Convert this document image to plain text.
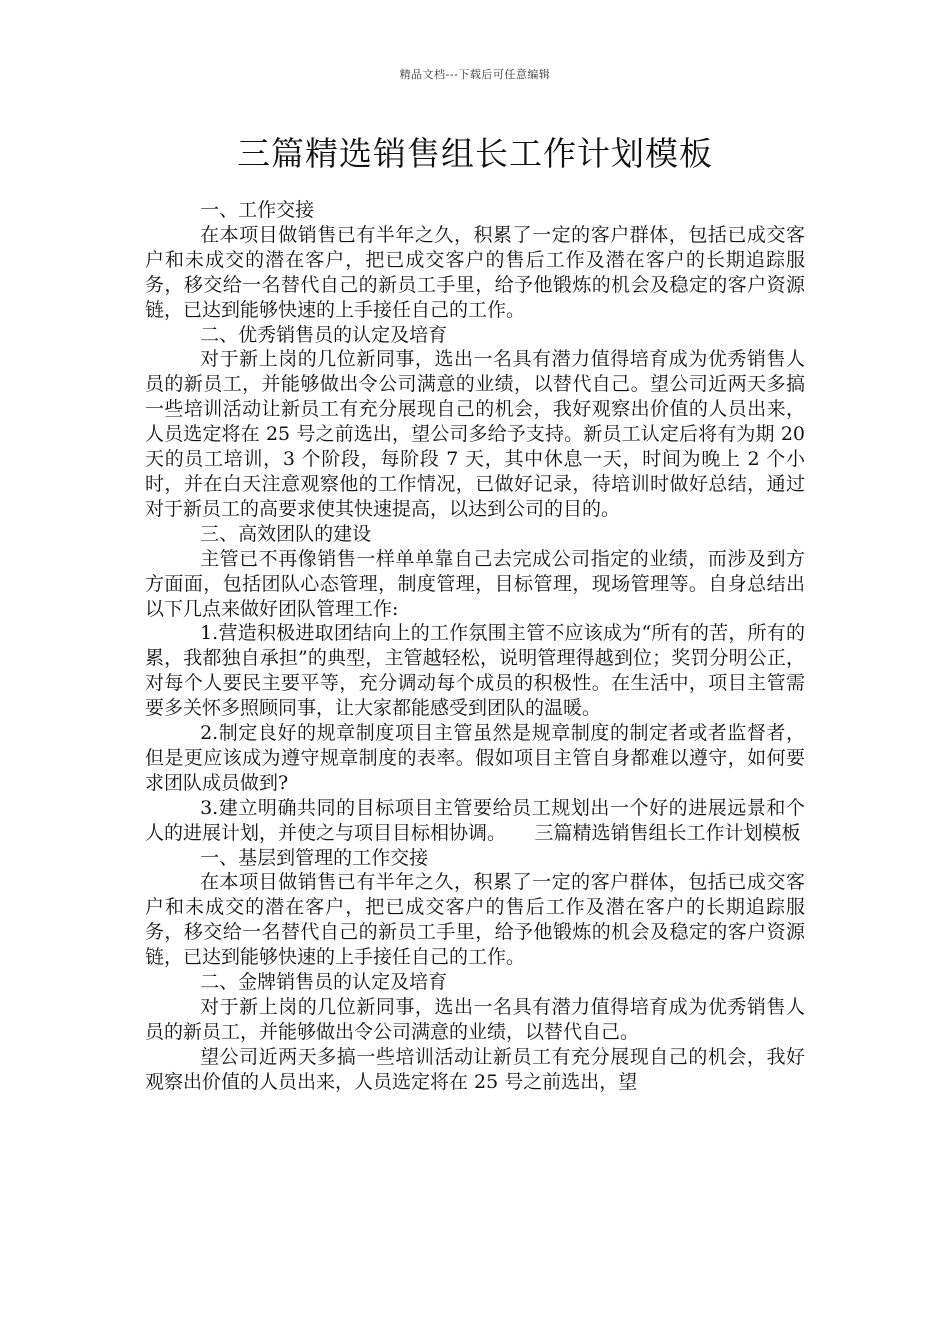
精品文档---下载后可任意编辑
三篇精选销售组长工作计划模板

一、工作交接

在本项目做销售已有半年之久，积累了一定的客户群体，包括已成交客户和未成交的潜在客户，把已成交客户的售后工作及潜在客户的长期追踪服务，移交给一名替代自己的新员工手里，给予他锻炼的机会及稳定的客户资源链，已达到能够快速的上手接任自己的工作。

二、优秀销售员的认定及培育

对于新上岗的几位新同事，选出一名具有潜力值得培育成为优秀销售人员的新员工，并能够做出令公司满意的业绩，以替代自己。望公司近两天多搞一些培训活动让新员工有充分展现自己的机会，我好观察出价值的人员出来，人员选定将在 25 号之前选出，望公司多给予支持。新员工认定后将有为期 20 天的员工培训，3 个阶段，每阶段 7 天，其中休息一天，时间为晚上 2 个小时，并在白天注意观察他的工作情况，已做好记录，待培训时做好总结，通过对于新员工的高要求使其快速提高，以达到公司的目的。

三、高效团队的建设

主管已不再像销售一样单单靠自己去完成公司指定的业绩，而涉及到方方面面，包括团队心态管理，制度管理，目标管理，现场管理等。自身总结出以下几点来做好团队管理工作:

1.营造积极进取团结向上的工作氛围主管不应该成为“所有的苦，所有的累，我都独自承担”的典型，主管越轻松，说明管理得越到位；奖罚分明公正，对每个人要民主要平等，充分调动每个成员的积极性。在生活中，项目主管需要多关怀多照顾同事，让大家都能感受到团队的温暖。

2.制定良好的规章制度项目主管虽然是规章制度的制定者或者监督者，但是更应该成为遵守规章制度的表率。假如项目主管自身都难以遵守，如何要求团队成员做到?

3.建立明确共同的目标项目主管要给员工规划出一个好的进展远景和个人的进展计划，并使之与项目目标相协调。　　三篇精选销售组长工作计划模板

一、基层到管理的工作交接

在本项目做销售已有半年之久，积累了一定的客户群体，包括已成交客户和未成交的潜在客户，把已成交客户的售后工作及潜在客户的长期追踪服务，移交给一名替代自己的新员工手里，给予他锻炼的机会及稳定的客户资源链，已达到能够快速的上手接任自己的工作。

二、金牌销售员的认定及培育

对于新上岗的几位新同事，选出一名具有潜力值得培育成为优秀销售人员的新员工，并能够做出令公司满意的业绩，以替代自己。

望公司近两天多搞一些培训活动让新员工有充分展现自己的机会，我好观察出价值的人员出来，人员选定将在 25 号之前选出，望
